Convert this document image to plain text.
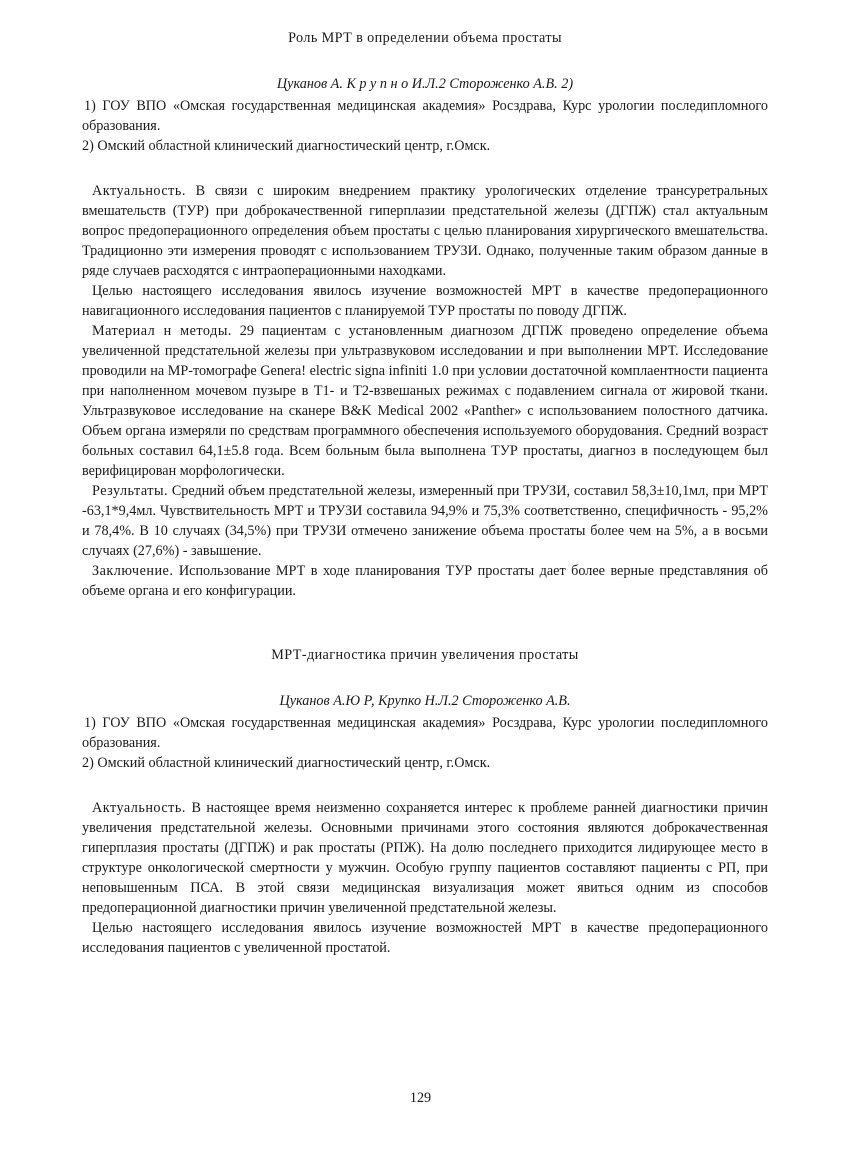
Роль МРТ в определении объема простаты
Цуканов А. К р у п н о И.Л.2 Стороженко А.В. 2)

1) ГОУ ВПО «Омская государственная медицинская академия» Росздрава, Курс урологии последипломного образования.

2) Омский областной клинический диагностический центр, г.Омск.

Актуальность. В связи с широким внедрением практику урологических отделение трансуретральных вмешательств (ТУР) при доброкачественной гиперплазии предстательной железы (ДГПЖ) стал актуальным вопрос предоперационного определения объем простаты с целью планирования хирургического вмешательства. Традиционно эти измерения проводят с использованием ТРУЗИ. Однако, полученные таким образом данные в ряде случаев расходятся с интраоперационными находками.

Целью настоящего исследования явилось изучение возможностей МРТ в качестве предоперационного навигационного исследования пациентов с планируемой ТУР простаты по поводу ДГПЖ.

Материал н методы. 29 пациентам с установленным диагнозом ДГПЖ проведено определение объема увеличенной предстательной железы при ультразвуковом исследовании и при выполнении МРТ. Исследование проводили на МР-томографе Genera! electric signa infiniti 1.0 при условии достаточной комплаентности пациента при наполненном мочевом пузыре в Т1- и Т2-взвешаных режимах с подавлением сигнала от жировой ткани. Ультразвуковое исследование на сканере B&K Medical 2002 «Panther» с использованием полостного датчика. Объем органа измеряли по средствам программного обеспечения используемого оборудования. Средний возраст больных составил 64,1±5.8 года. Всем больным была выполнена ТУР простаты, диагноз в последующем был верифицирован морфологически.

Результаты. Средний объем предстательной железы, измеренный при ТРУЗИ, составил 58,3±10,1мл, при МРТ -63,1*9,4мл. Чувствительность МРТ и ТРУЗИ составила 94,9% и 75,3% соответственно, специфичность - 95,2% и 78,4%. В 10 случаях (34,5%) при ТРУЗИ отмечено занижение объема простаты более чем на 5%, а в восьми случаях (27,6%) - завышение.

Заключение. Использование МРТ в ходе планирования ТУР простаты дает более верные представляния об объеме органа и его конфигурации.

МРТ-диагностика причин увеличения простаты
Цуканов А.Ю Р, Крупко Н.Л.2 Стороженко А.В.

1) ГОУ ВПО «Омская государственная медицинская академия» Росздрава, Курс урологии последипломного образования.

2) Омский областной клинический диагностический центр, г.Омск.

Актуальность. В настоящее время неизменно сохраняется интерес к проблеме ранней диагностики причин увеличения предстательной железы. Основными причинами этого состояния являются доброкачественная гиперплазия простаты (ДГПЖ) и рак простаты (РПЖ). На долю последнего приходится лидирующее место в структуре онкологической смертности у мужчин. Особую группу пациентов составляют пациенты с РП, при неповышенным ПСА. В этой связи медицинская визуализация может явиться одним из способов предоперационной диагностики причин увеличенной предстательной железы.

Целью настоящего исследования явилось изучение возможностей МРТ в качестве предоперационного исследования пациентов с увеличенной простатой.

129
